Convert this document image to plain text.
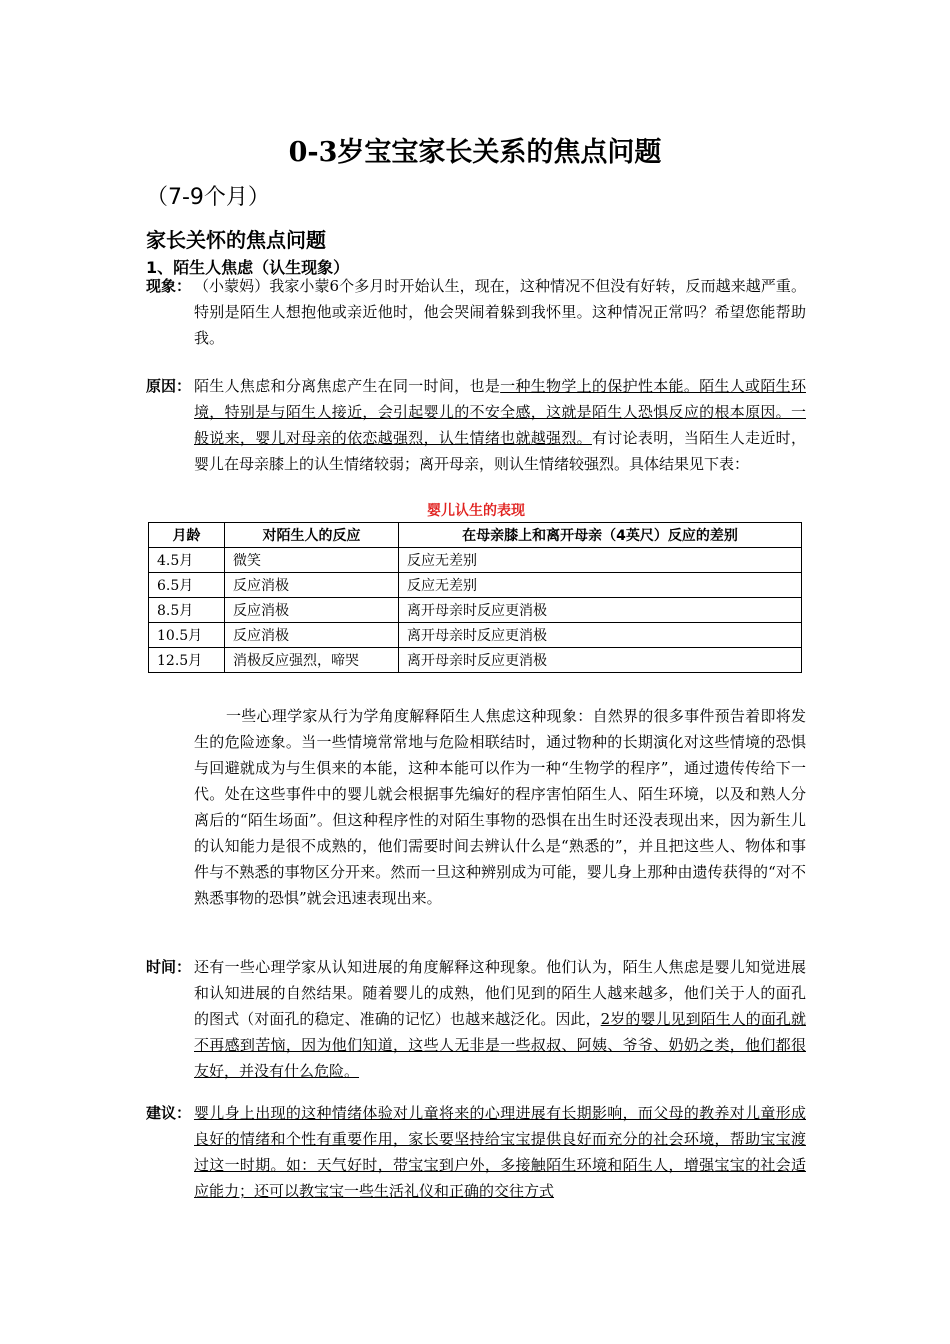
0-3岁宝宝家长关系的焦点问题

（7-9个月）

家长关怀的焦点问题

1、陌生人焦虑（认生现象）

现象： （小蒙妈）我家小蒙6个多月时开始认生，现在，这种情况不但没有好转，反而越来越严重。特别是陌生人想抱他或亲近他时，他会哭闹着躲到我怀里。这种情况正常吗？希望您能帮助我。
原因： 陌生人焦虑和分离焦虑产生在同一时间，也是一种生物学上的保护性本能。陌生人或陌生环境，特别是与陌生人接近，会引起婴儿的不安全感，这就是陌生人恐惧反应的根本原因。一般说来，婴儿对母亲的依恋越强烈，认生情绪也就越强烈。有讨论表明，当陌生人走近时，婴儿在母亲膝上的认生情绪较弱；离开母亲，则认生情绪较强烈。具体结果见下表：
婴儿认生的表现
月龄	对陌生人的反应	在母亲膝上和离开母亲（4英尺）反应的差别
4.5月	微笑	反应无差别
6.5月	反应消极	反应无差别
8.5月	反应消极	离开母亲时反应更消极
10.5月	反应消极	离开母亲时反应更消极
12.5月	消极反应强烈，啼哭	离开母亲时反应更消极
一些心理学家从行为学角度解释陌生人焦虑这种现象：自然界的很多事件预告着即将发生的危险迹象。当一些情境常常地与危险相联结时，通过物种的长期演化对这些情境的恐惧与回避就成为与生俱来的本能，这种本能可以作为一种“生物学的程序”，通过遗传传给下一代。处在这些事件中的婴儿就会根据事先编好的程序害怕陌生人、陌生环境，以及和熟人分离后的“陌生场面”。但这种程序性的对陌生事物的恐惧在出生时还没表现出来，因为新生儿的认知能力是很不成熟的，他们需要时间去辨认什么是“熟悉的”，并且把这些人、物体和事件与不熟悉的事物区分开来。然而一旦这种辨别成为可能，婴儿身上那种由遗传获得的“对不熟悉事物的恐惧”就会迅速表现出来。
时间： 还有一些心理学家从认知进展的角度解释这种现象。他们认为，陌生人焦虑是婴儿知觉进展和认知进展的自然结果。随着婴儿的成熟，他们见到的陌生人越来越多，他们关于人的面孔的图式（对面孔的稳定、准确的记忆）也越来越泛化。因此，2岁的婴儿见到陌生人的面孔就不再感到苦恼，因为他们知道，这些人无非是一些叔叔、阿姨、爷爷、奶奶之类，他们都很友好，并没有什么危险。
建议： 婴儿身上出现的这种情绪体验对儿童将来的心理进展有长期影响，而父母的教养对儿童形成良好的情绪和个性有重要作用，家长要坚持给宝宝提供良好而充分的社会环境，帮助宝宝渡过这一时期。如：天气好时，带宝宝到户外，多接触陌生环境和陌生人，增强宝宝的社会适应能力；还可以教宝宝一些生活礼仪和正确的交往方式
